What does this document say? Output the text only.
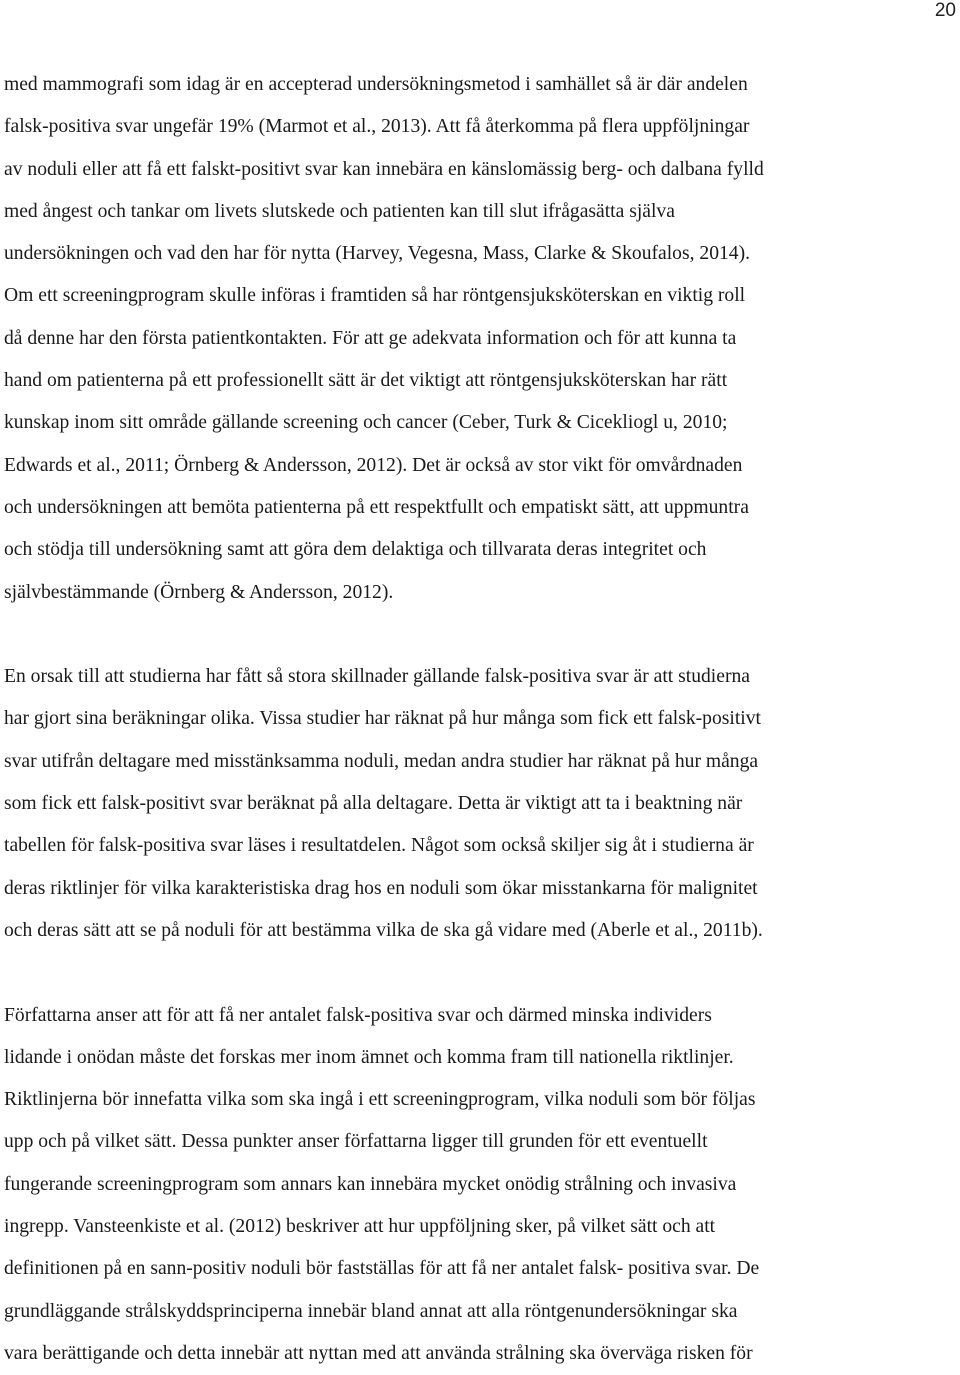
20
med mammografi som idag är en accepterad undersökningsmetod i samhället så är där andelen
falsk-positiva svar ungefär 19% (Marmot et al., 2013). Att få återkomma på flera uppföljningar
av noduli eller att få ett falskt-positivt svar kan innebära en känslomässig berg- och dalbana fylld
med ångest och tankar om livets slutskede och patienten kan till slut ifrågasätta själva
undersökningen och vad den har för nytta (Harvey, Vegesna, Mass, Clarke & Skoufalos, 2014).
Om ett screeningprogram skulle införas i framtiden så har röntgensjuksköterskan en viktig roll
då denne har den första patientkontakten. För att ge adekvata information och för att kunna ta
hand om patienterna på ett professionellt sätt är det viktigt att röntgensjuksköterskan har rätt
kunskap inom sitt område gällande screening och cancer (Ceber, Turk & Cicekliogl u, 2010;
Edwards et al., 2011; Örnberg & Andersson, 2012). Det är också av stor vikt för omvårdnaden
och undersökningen att bemöta patienterna på ett respektfullt och empatiskt sätt, att uppmuntra
och stödja till undersökning samt att göra dem delaktiga och tillvarata deras integritet och
självbestämmande (Örnberg & Andersson, 2012).
En orsak till att studierna har fått så stora skillnader gällande falsk-positiva svar är att studierna
har gjort sina beräkningar olika. Vissa studier har räknat på hur många som fick ett falsk-positivt
svar utifrån deltagare med misstänksamma noduli, medan andra studier har räknat på hur många
som fick ett falsk-positivt svar beräknat på alla deltagare. Detta är viktigt att ta i beaktning när
tabellen för falsk-positiva svar läses i resultatdelen. Något som också skiljer sig åt i studierna är
deras riktlinjer för vilka karakteristiska drag hos en noduli som ökar misstankarna för malignitet
och deras sätt att se på noduli för att bestämma vilka de ska gå vidare med (Aberle et al., 2011b).
Författarna anser att för att få ner antalet falsk-positiva svar och därmed minska individers
lidande i onödan måste det forskas mer inom ämnet och komma fram till nationella riktlinjer.
Riktlinjerna bör innefatta vilka som ska ingå i ett screeningprogram, vilka noduli som bör följas
upp och på vilket sätt. Dessa punkter anser författarna ligger till grunden för ett eventuellt
fungerande screeningprogram som annars kan innebära mycket onödig strålning och invasiva
ingrepp. Vansteenkiste et al. (2012) beskriver att hur uppföljning sker, på vilket sätt och att
definitionen på en sann-positiv noduli bör fastställas för att få ner antalet falsk- positiva svar. De
grundläggande strålskyddsprinciperna innebär bland annat att alla röntgenundersökningar ska
vara berättigande och detta innebär att nyttan med att använda strålning ska överväga risken för
